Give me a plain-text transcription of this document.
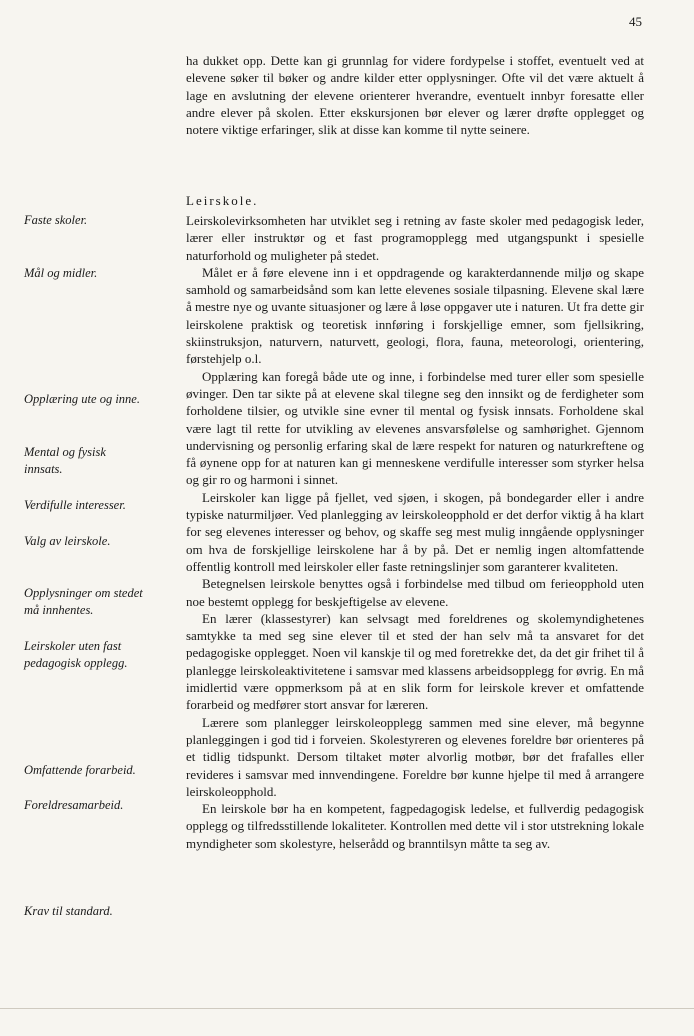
45

ha dukket opp. Dette kan gi grunnlag for videre fordypelse i stoffet, eventuelt ved at elevene søker til bøker og andre kilder etter opplysninger. Ofte vil det være aktuelt å lage en avslutning der elevene orienterer hverandre, eventuelt innbyr foresatte eller andre elever på skolen. Etter ekskursjonen bør elever og lærer drøfte opplegget og notere viktige erfaringer, slik at disse kan komme til nytte seinere.

Leirskole.

Leirskolevirksomheten har utviklet seg i retning av faste skoler med pedagogisk leder, lærer eller instruktør og et fast programopplegg med utgangspunkt i spesielle naturforhold og muligheter på stedet.

Målet er å føre elevene inn i et oppdragende og karakterdannende miljø og skape samhold og samarbeidsånd som kan lette elevenes sosiale tilpasning. Elevene skal lære å mestre nye og uvante situasjoner og lære å løse oppgaver ute i naturen. Ut fra dette gir leirskolene praktisk og teoretisk innføring i forskjellige emner, som fjellsikring, skiinstruksjon, naturvern, naturvett, geologi, flora, fauna, meteorologi, orientering, førstehjelp o.l.

Opplæring kan foregå både ute og inne, i forbindelse med turer eller som spesielle øvinger. Den tar sikte på at elevene skal tilegne seg den innsikt og de ferdigheter som forholdene tilsier, og utvikle sine evner til mental og fysisk innsats. Forholdene skal være lagt til rette for utvikling av elevenes ansvarsfølelse og samhørighet. Gjennom undervisning og personlig erfaring skal de lære respekt for naturen og naturkreftene og få øynene opp for at naturen kan gi menneskene verdifulle interesser som styrker helsa og gir ro og harmoni i sinnet.

Leirskoler kan ligge på fjellet, ved sjøen, i skogen, på bondegarder eller i andre typiske naturmiljøer. Ved planlegging av leirskoleopphold er det derfor viktig å ha klart for seg elevenes interesser og behov, og skaffe seg mest mulig inngående opplysninger om hva de forskjellige leirskolene har å by på. Det er nemlig ingen altomfattende offentlig kontroll med leirskoler eller faste retningslinjer som garanterer kvaliteten.

Betegnelsen leirskole benyttes også i forbindelse med tilbud om ferieopphold uten noe bestemt opplegg for beskjeftigelse av elevene.

En lærer (klassestyrer) kan selvsagt med foreldrenes og skolemyndighetenes samtykke ta med seg sine elever til et sted der han selv må ta ansvaret for det pedagogiske opplegget. Noen vil kanskje til og med foretrekke det, da det gir frihet til å planlegge leirskoleaktivitetene i samsvar med klassens arbeidsopplegg for øvrig. En må imidlertid være oppmerksom på at en slik form for leirskole krever et omfattende forarbeid og medfører stort ansvar for læreren.

Lærere som planlegger leirskoleopplegg sammen med sine elever, må begynne planleggingen i god tid i forveien. Skolestyreren og elevenes foreldre bør orienteres på et tidlig tidspunkt. Dersom tiltaket møter alvorlig motbør, bør det frafalles eller revideres i samsvar med innvendingene. Foreldre bør kunne hjelpe til med å arrangere leirskoleopphold.

En leirskole bør ha en kompetent, fagpedagogisk ledelse, et fullverdig pedagogisk opplegg og tilfredsstillende lokaliteter. Kontrollen med dette vil i stor utstrekning lokale myndigheter som skolestyre, helserådd og branntilsyn måtte ta seg av.

Faste skoler.
Mål og midler.
Opplæring ute og inne.
Mental og fysisk innsats.
Verdifulle interesser.
Valg av leirskole.
Opplysninger om stedet må innhentes.
Leirskoler uten fast pedagogisk opplegg.
Omfattende forarbeid.
Foreldresamarbeid.
Krav til standard.
